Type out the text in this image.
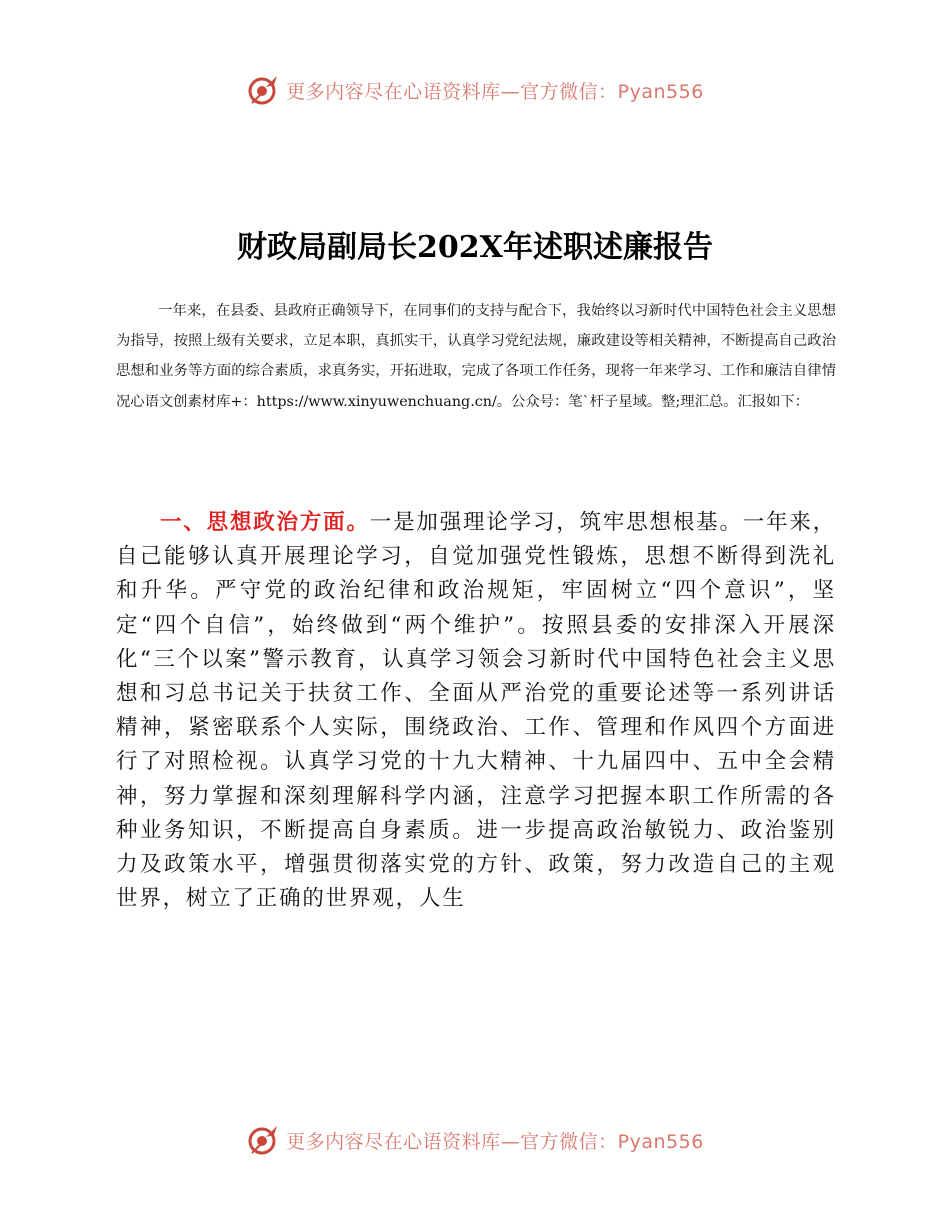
更多内容尽在心语资料库—官方微信：Pyan556
财政局副局长202X年述职述廉报告

一年来，在县委、县政府正确领导下，在同事们的支持与配合下，我始终以习新时代中国特色社会主义思想为指导，按照上级有关要求，立足本职，真抓实干，认真学习党纪法规，廉政建设等相关精神，不断提高自己政治思想和业务等方面的综合素质，求真务实，开拓进取，完成了各项工作任务，现将一年来学习、工作和廉洁自律情况心语文创素材库+：https://www.xinyuwenchuang.cn/。公众号：笔`杆子星域。整;理汇总。汇报如下：

一、思想政治方面。一是加强理论学习，筑牢思想根基。一年来，自己能够认真开展理论学习，自觉加强党性锻炼，思想不断得到洗礼和升华。严守党的政治纪律和政治规矩，牢固树立“四个意识”，坚定“四个自信”，始终做到“两个维护”。按照县委的安排深入开展深化“三个以案”警示教育，认真学习领会习新时代中国特色社会主义思想和习总书记关于扶贫工作、全面从严治党的重要论述等一系列讲话精神，紧密联系个人实际，围绕政治、工作、管理和作风四个方面进行了对照检视。认真学习党的十九大精神、十九届四中、五中全会精神，努力掌握和深刻理解科学内涵，注意学习把握本职工作所需的各种业务知识，不断提高自身素质。进一步提高政治敏锐力、政治鉴别力及政策水平，增强贯彻落实党的方针、政策，努力改造自己的主观世界，树立了正确的世界观，人生

更多内容尽在心语资料库—官方微信：Pyan556
